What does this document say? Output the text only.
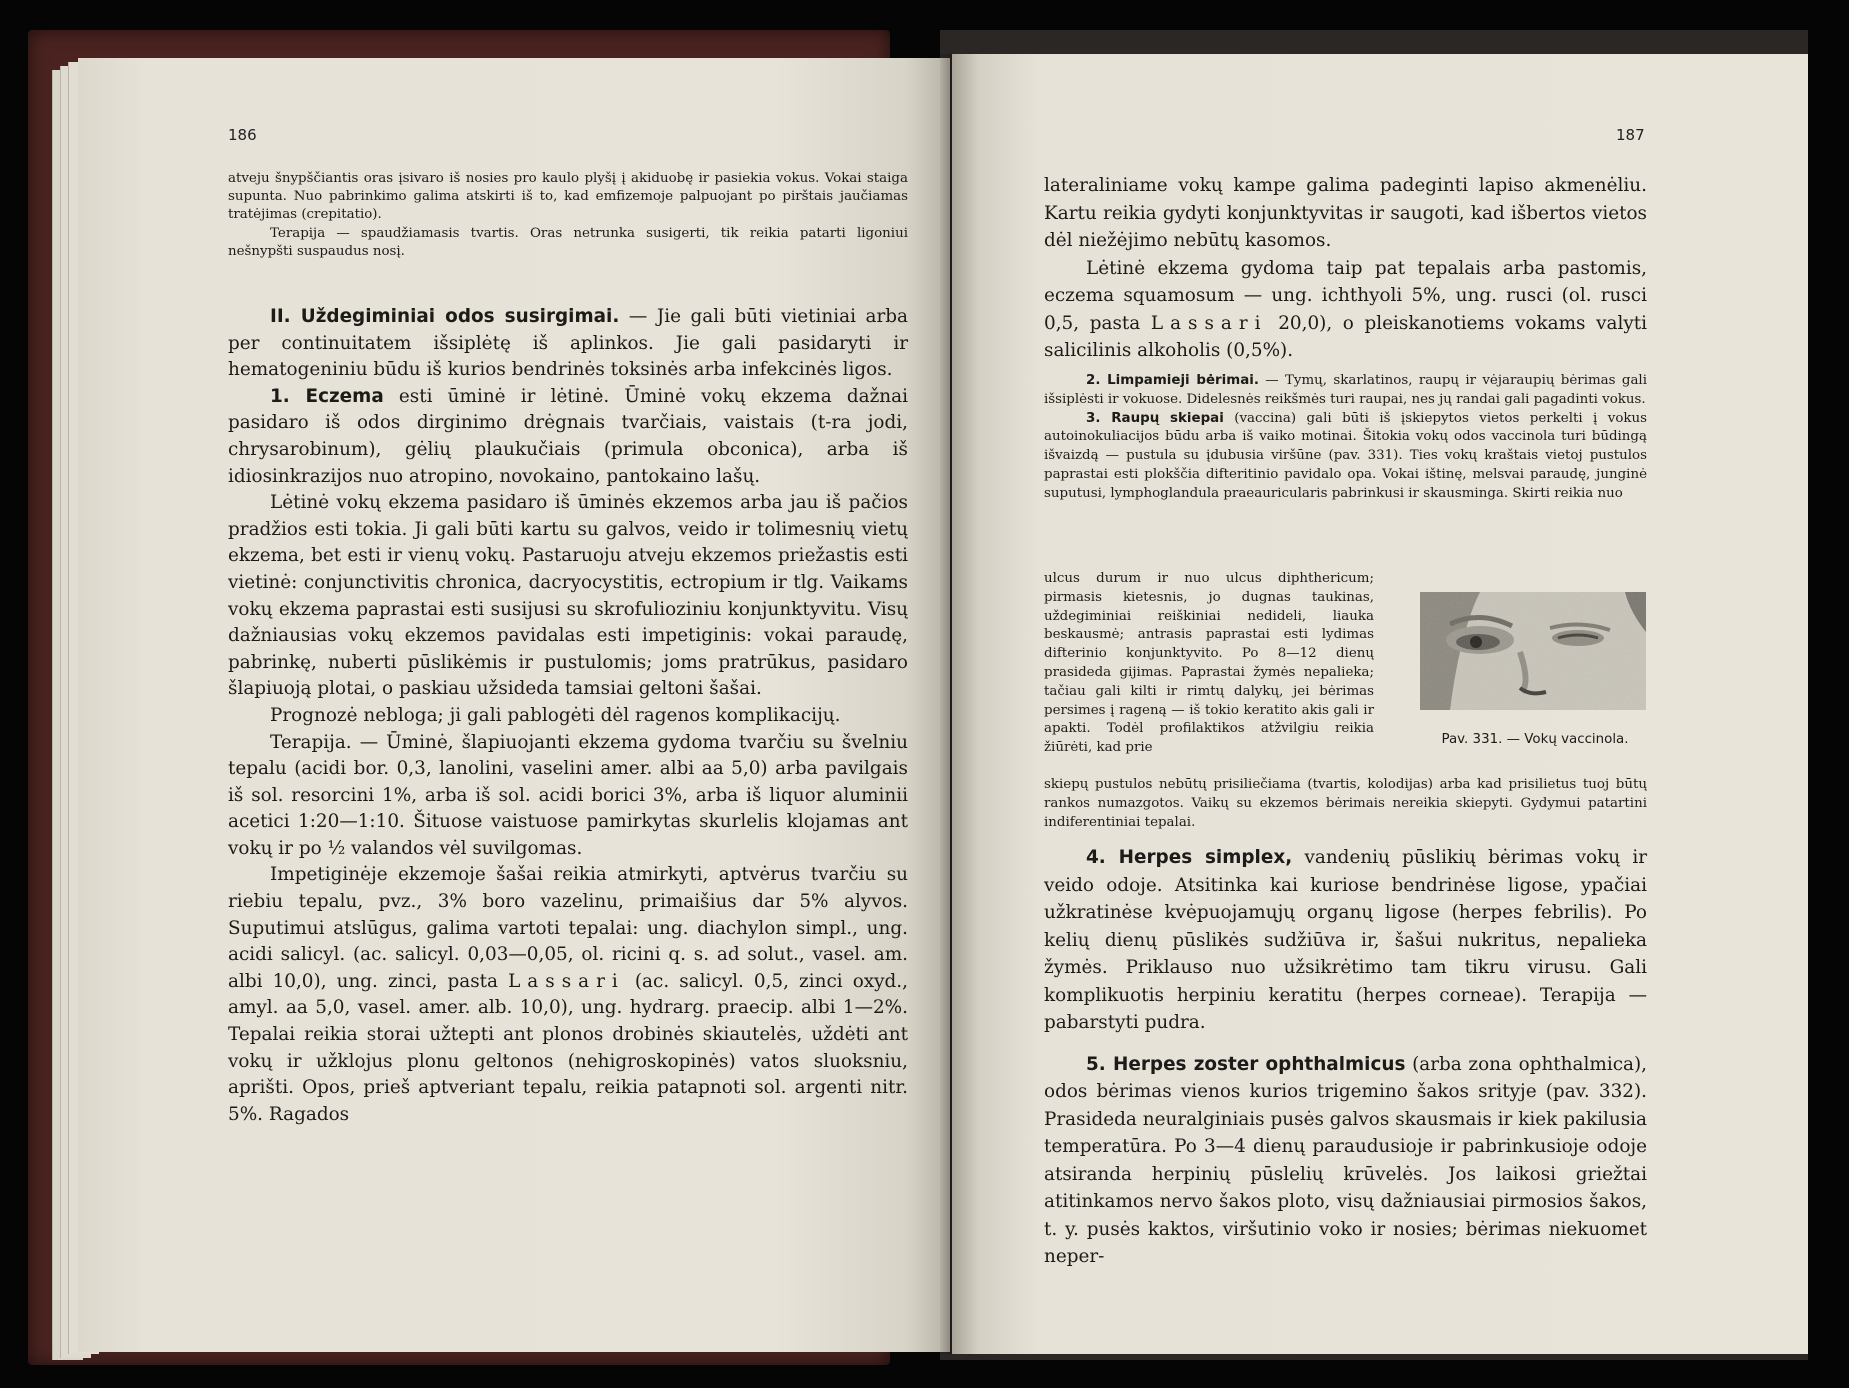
186

atveju šnypščiantis oras įsivaro iš nosies pro kaulo plyšį į akiduobę ir pasiekia vokus. Vokai staiga supunta. Nuo pabrinkimo galima atskirti iš to, kad emfizemoje palpuojant po pirštais jaučiamas tratėjimas (crepitatio).

Terapija — spaudžiamasis tvartis. Oras netrunka susigerti, tik reikia patarti ligoniui nešnypšti suspaudus nosį.

II. Uždegiminiai odos susirgimai. — Jie gali būti vietiniai arba per continuitatem išsiplėtę iš aplinkos. Jie gali pasidaryti ir hematogeniniu būdu iš kurios bendrinės toksinės arba infekcinės ligos.

1. Eczema esti ūminė ir lėtinė. Ūminė vokų ekzema dažnai pasidaro iš odos dirginimo drėgnais tvarčiais, vaistais (t-ra jodi, chrysarobinum), gėlių plaukučiais (primula obconica), arba iš idiosinkrazijos nuo atropino, novokaino, pantokaino lašų.

Lėtinė vokų ekzema pasidaro iš ūminės ekzemos arba jau iš pačios pradžios esti tokia. Ji gali būti kartu su galvos, veido ir tolimesnių vietų ekzema, bet esti ir vienų vokų. Pastaruoju atveju ekzemos priežastis esti vietinė: conjunctivitis chronica, dacryocystitis, ectropium ir tlg. Vaikams vokų ekzema paprastai esti susijusi su skrofulioziniu konjunktyvitu. Visų dažniausias vokų ekzemos pavidalas esti impetiginis: vokai paraudę, pabrinkę, nuberti pūslikėmis ir pustulomis; joms pratrūkus, pasidaro šlapiuoją plotai, o paskiau užsideda tamsiai geltoni šašai.

Prognozė nebloga; ji gali pablogėti dėl ragenos komplikacijų.

Terapija. — Ūminė, šlapiuojanti ekzema gydoma tvarčiu su švelniu tepalu (acidi bor. 0,3, lanolini, vaselini amer. albi aa 5,0) arba pavilgais iš sol. resorcini 1%, arba iš sol. acidi borici 3%, arba iš liquor aluminii acetici 1:20—1:10. Šituose vaistuose pamirkytas skurlelis klojamas ant vokų ir po ½ valandos vėl suvilgomas.

Impetiginėje ekzemoje šašai reikia atmirkyti, aptvėrus tvarčiu su riebiu tepalu, pvz., 3% boro vazelinu, primaišius dar 5% alyvos. Suputimui atslūgus, galima vartoti tepalai: ung. diachylon simpl., ung. acidi salicyl. (ac. salicyl. 0,03—0,05, ol. ricini q. s. ad solut., vasel. am. albi 10,0), ung. zinci, pasta Lassari (ac. salicyl. 0,5, zinci oxyd., amyl. aa 5,0, vasel. amer. alb. 10,0), ung. hydrarg. praecip. albi 1—2%. Tepalai reikia storai užtepti ant plonos drobinės skiautelės, uždėti ant vokų ir užklojus plonu geltonos (nehigroskopinės) vatos sluoksniu, aprišti. Opos, prieš aptveriant tepalu, reikia patapnoti sol. argenti nitr. 5%. Ragados

187

lateraliniame vokų kampe galima padeginti lapiso akmenėliu. Kartu reikia gydyti konjunktyvitas ir saugoti, kad išbertos vietos dėl niežėjimo nebūtų kasomos.

Lėtinė ekzema gydoma taip pat tepalais arba pastomis, eczema squamosum — ung. ichthyoli 5%, ung. rusci (ol. rusci 0,5, pasta Lassari 20,0), o pleiskanotiems vokams valyti salicilinis alkoholis (0,5%).

2. Limpamieji bėrimai. — Tymų, skarlatinos, raupų ir vėjaraupių bėrimas gali išsiplėsti ir vokuose. Didelesnės reikšmės turi raupai, nes jų randai gali pagadinti vokus.

3. Raupų skiepai (vaccina) gali būti iš įskiepytos vietos perkelti į vokus autoinokuliacijos būdu arba iš vaiko motinai. Šitokia vokų odos vaccinola turi būdingą išvaizdą — pustula su įdubusia viršūne (pav. 331). Ties vokų kraštais vietoj pustulos paprastai esti plokščia difteritinio pavidalo opa. Vokai ištinę, melsvai paraudę, junginė suputusi, lymphoglandula praeauricularis pabrinkusi ir skausminga. Skirti reikia nuo

ulcus durum ir nuo ulcus diphthericum; pirmasis kietesnis, jo dugnas taukinas, uždegiminiai reiškiniai nedideli, liauka beskausmė; antrasis paprastai esti lydimas difterinio konjunktyvito. Po 8—12 dienų prasideda gijimas. Paprastai žymės nepalieka; tačiau gali kilti ir rimtų dalykų, jei bėrimas persimes į rageną — iš tokio keratito akis gali ir apakti. Todėl profilaktikos atžvilgiu reikia žiūrėti, kad prie

skiepų pustulos nebūtų prisiliečiama (tvartis, kolodijas) arba kad prisilietus tuoj būtų rankos numazgotos. Vaikų su ekzemos bėrimais nereikia skiepyti. Gydymui patartini indiferentiniai tepalai.

4. Herpes simplex, vandenių pūslikių bėrimas vokų ir veido odoje. Atsitinka kai kuriose bendrinėse ligose, ypačiai užkratinėse kvėpuojamųjų organų ligose (herpes febrilis). Po kelių dienų pūslikės sudžiūva ir, šašui nukritus, nepalieka žymės. Priklauso nuo užsikrėtimo tam tikru virusu. Gali komplikuotis herpiniu keratitu (herpes corneae). Terapija — pabarstyti pudra.

5. Herpes zoster ophthalmicus (arba zona ophthalmica), odos bėrimas vienos kurios trigemino šakos srityje (pav. 332). Prasideda neuralginiais pusės galvos skausmais ir kiek pakilusia temperatūra. Po 3—4 dienų paraudusioje ir pabrinkusioje odoje atsiranda herpinių pūslelių krūvelės. Jos laikosi griežtai atitinkamos nervo šakos ploto, visų dažniausiai pirmosios šakos, t. y. pusės kaktos, viršutinio voko ir nosies; bėrimas niekuomet neper-

Pav. 331. — Vokų vaccinola.
